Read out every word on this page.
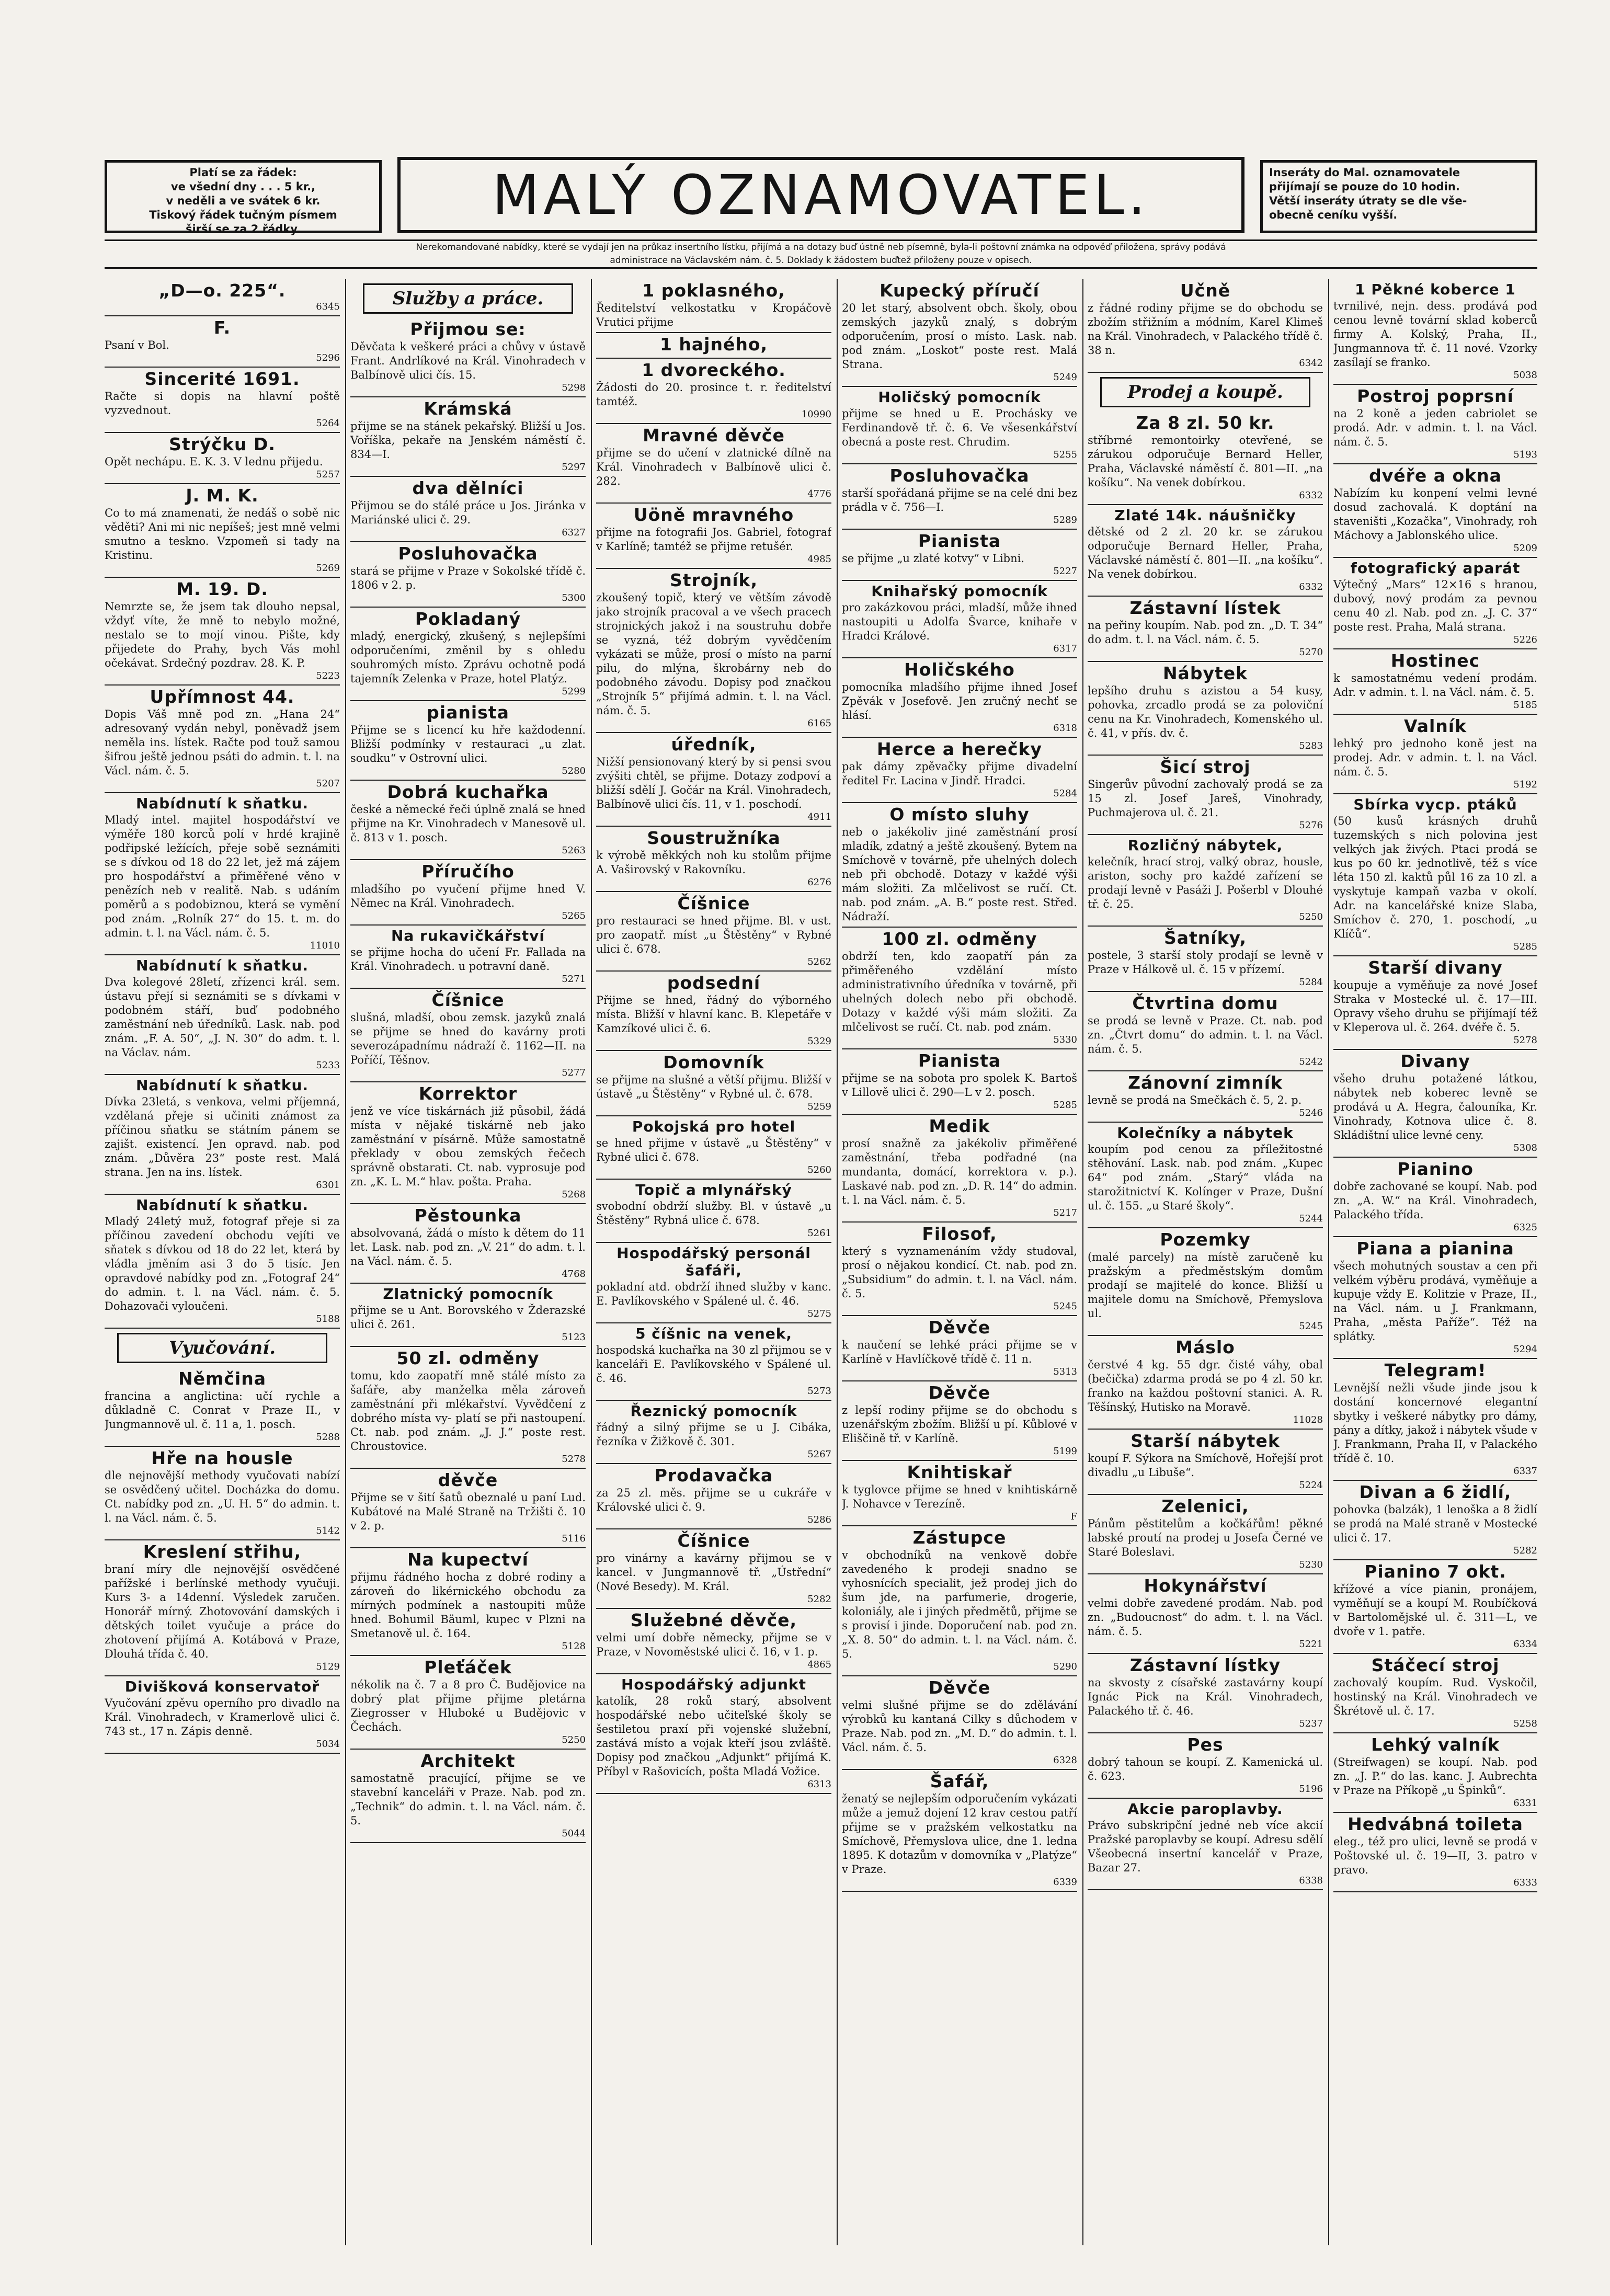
Platí se za řádek:
ve všední dny . . . 5 kr.,
v neděli a ve svátek 6 kr.
Tiskový řádek tučným písmem
širší se za 2 řádky.
MALÝ OZNAMOVATEL.	Inseráty do Mal. oznamovatele
přijímají se pouze do 10 hodin.
Větší inseráty útraty se dle vše-
obecně ceníku vyšší.
Nerekomandované nabídky, které se vydají jen na průkaz insertního lístku, přijímá a na dotazy buď ústně neb písemně, byla-li poštovní známka na odpověď přiložena, správy podává
administrace na Václavském nám. č. 5. Doklady k žádostem buďtež přiloženy pouze v opisech.
„D—o. 225“.
6345
F.

Psaní v Bol.

5296
Sincerité 1691.

Račte si dopis na hlavní poště vyzvednout.

5264
Strýčku D.

Opět nechápu. E. K. 3. V lednu přijedu.

5257
J. M. K.

Co to má znamenati, že nedáš o sobě nic věděti? Ani mi nic nepíšeš; jest mně velmi smutno a teskno. Vzpomeň si tady na Kristinu.

5269
M. 19. D.

Nemrzte se, že jsem tak dlouho nepsal, vždyť víte, že mně to nebylo možné, nestalo se to mojí vinou. Pište, kdy přijedete do Prahy, bych Vás mohl očekávat. Srdečný pozdrav. 28. K. P.

5223
Upřímnost 44.

Dopis Váš mně pod zn. „Hana 24“ adresovaný vydán nebyl, poněvadž jsem neměla ins. lístek. Račte pod touž samou šifrou ještě jednou psáti do admin. t. l. na Václ. nám. č. 5.

5207
Nabídnutí k sňatku.

Mladý intel. majitel hospodářství ve výměře 180 korců polí v hrdé krajině podřipské ležících, přeje sobě seznámiti se s dívkou od 18 do 22 let, jež má zájem pro hospodářství a přiměřené věno v penězích neb v realitě. Nab. s udáním poměrů a s podobiznou, která se vymění pod znám. „Rolník 27“ do 15. t. m. do admin. t. l. na Václ. nám. č. 5.

11010
Nabídnutí k sňatku.

Dva kolegové 28letí, zřízenci král. sem. ústavu přejí si seznámiti se s dívkami v podobném stáří, buď podobného zaměstnání neb úředníků. Lask. nab. pod znám. „F. A. 50“, „J. N. 30“ do adm. t. l. na Václav. nám.

5233
Nabídnutí k sňatku.

Dívka 23letá, s venkova, velmi příjemná, vzdělaná přeje si učiniti známost za příčinou sňatku se státním pánem se zajišt. existencí. Jen opravd. nab. pod znám. „Důvěra 23“ poste rest. Malá strana. Jen na ins. lístek.

6301
Nabídnutí k sňatku.

Mladý 24letý muž, fotograf přeje si za příčinou zavedení obchodu vejíti ve sňatek s dívkou od 18 do 22 let, která by vládla jměním asi 3 do 5 tisíc. Jen opravdové nabídky pod zn. „Fotograf 24“ do admin. t. l. na Václ. nám. č. 5. Dohazovači vyloučeni.

5188
Vyučování.
Němčina

francina a anglictina: učí rychle a důkladně C. Conrat v Praze II., v Jungmannově ul. č. 11 a, 1. posch.

5288
Hře na housle

dle nejnovější methody vyučovati nabízí se osvědčený učitel. Docházka do domu. Ct. nabídky pod zn. „U. H. 5“ do admin. t. l. na Václ. nám. č. 5.

5142
Kreslení střihu,

braní míry dle nejnovější osvědčené pařížské i berlínské methody vyučuji. Kurs 3- a 14denní. Výsledek zaručen. Honorář mírný. Zhotovování damských i dětských toilet vyučuje a práce do zhotovení přijímá A. Kotábová v Praze, Dlouhá třída č. 40.

5129
Divišková konservatoř

Vyučování zpěvu operního pro divadlo na Král. Vinohradech, v Kramerlově ulici č. 743 st., 17 n. Zápis denně.

5034
Služby a práce.
Přijmou se:

Děvčata k veškeré práci a chůvy v ústavě Frant. Andrlíkové na Král. Vinohradech v Balbínově ulici čís. 15.

5298
Krámská

přijme se na stánek pekařský. Bližší u Jos. Voříška, pekaře na Jenském náměstí č. 834—I.

5297
dva dělníci

Přijmou se do stálé práce u Jos. Jiránka v Mariánské ulici č. 29.

6327
Posluhovačka

stará se přijme v Praze v Sokolské třídě č. 1806 v 2. p.

5300
Pokladaný

mladý, energický, zkušený, s nejlepšími odporučeními, změnil by s ohledu souhromých místo. Zprávu ochotně podá tajemník Zelenka v Praze, hotel Platýz.

5299
pianista

Přijme se s licencí ku hře každodenní. Bližší podmínky v restauraci „u zlat. soudku“ v Ostrovní ulici.

5280
Dobrá kuchařka

české a německé řeči úplně znalá se hned přijme na Kr. Vinohradech v Manesově ul. č. 813 v 1. posch.

5263
Příručího

mladšího po vyučení přijme hned V. Němec na Král. Vinohradech.

5265
Na rukavičkářství

se přijme hocha do učení Fr. Fallada na Král. Vinohradech. u potravní daně.

5271
Číšnice

slušná, mladší, obou zemsk. jazyků znalá se přijme se hned do kavárny proti severozápadnímu nádraží č. 1162—II. na Poříčí, Těšnov.

5277
Korrektor

jenž ve více tiskárnách již působil, žádá místa v nějaké tiskárně neb jako zaměstnání v písárně. Může samostatně překlady v obou zemských řečech správně obstarati. Ct. nab. vyprosuje pod zn. „K. L. M.“ hlav. pošta. Praha.

5268
Pěstounka

absolvovaná, žádá o místo k dětem do 11 let. Lask. nab. pod zn. „V. 21“ do adm. t. l. na Václ. nám. č. 5.

4768
Zlatnický pomocník

přijme se u Ant. Borovského v Žderazské ulici č. 261.

5123
50 zl. odměny

tomu, kdo zaopatří mně stálé místo za šafáře, aby manželka měla zároveň zaměstnání při mlékařství. Vyvědčení z dobrého místa vy- platí se při nastoupení. Ct. nab. pod znám. „J. J.“ poste rest. Chroustovice.

5278
děvče

Přijme se v šití šatů obeznalé u paní Lud. Kubátové na Malé Straně na Tržišti č. 10 v 2. p.

5116
Na kupectví

přijmu řádného hocha z dobré rodiny a zároveň do likérnického obchodu za mírných podmínek a nastoupiti může hned. Bohumil Bäuml, kupec v Plzni na Smetanově ul. č. 164.

5128
Pleťáček

nékolik na č. 7 a 8 pro Č. Budějovice na dobrý plat přijme přijme pletárna Ziegrosser v Hluboké u Budějovic v Čechách.

5250
Architekt

samostatně pracující, přijme se ve stavební kanceláři v Praze. Nab. pod zn. „Technik“ do admin. t. l. na Václ. nám. č. 5.

5044
1 poklasného,

Ředitelství velkostatku v Kropáčově Vrutici přijme

1 hajného,
1 dvoreckého.

Žádosti do 20. prosince t. r. ředitelství tamtéž.

10990
Mravné děvče

přijme se do učení v zlatnické dílně na Král. Vinohradech v Balbínově ulici č. 282.

4776
Uöně mravného

přijme na fotografii Jos. Gabriel, fotograf v Karlíně; tamtéž se přijme retušér.

4985
Strojník,

zkoušený topič, který ve větším závodě jako strojník pracoval a ve všech pracech strojnických jakož i na soustruhu dobře se vyzná, též dobrým vyvědčením vykázati se může, prosí o místo na parní pilu, do mlýna, škrobárny neb do podobného závodu. Dopisy pod značkou „Strojník 5“ přijímá admin. t. l. na Václ. nám. č. 5.

6165
úředník,

Nižší pensionovaný který by si pensi svou zvýšiti chtěl, se přijme. Dotazy zodpoví a bližší sdělí J. Gočár na Král. Vinohradech, Balbínově ulici čís. 11, v 1. poschodí.

4911
Soustružníka

k výrobě měkkých noh ku stolům přijme A. Vaširovský v Rakovníku.

6276
Číšnice

pro restauraci se hned přijme. Bl. v ust. pro zaopatř. míst „u Štěstěny“ v Rybné ulici č. 678.

5262
podsední

Přijme se hned, řádný do výborného místa. Bližší v hlavní kanc. B. Klepetáře v Kamzíkové ulici č. 6.

5329
Domovník

se přijme na slušné a větší přijmu. Bližší v ústavě „u Štěstěny“ v Rybné ul. č. 678.

5259
Pokojská pro hotel

se hned přijme v ústavě „u Štěstěny“ v Rybné ulici č. 678.

5260
Topič a mlynářský

svobodní obdrží služby. Bl. v ústavě „u Štěstěny“ Rybná ulice č. 678.

5261
Hospodářský personál šafáři,

pokladní atd. obdrží ihned služby v kanc. E. Pavlíkovského v Spálené ul. č. 46.

5275
5 číšnic na venek,

hospodská kuchařka na 30 zl přijmou se v kanceláři E. Pavlíkovského v Spálené ul. č. 46.

5273
Řeznický pomocník

řádný a silný přijme se u J. Cibáka, řezníka v Žižkově č. 301.

5267
Prodavačka

za 25 zl. měs. přijme se u cukráře v Královské ulici č. 9.

5286
Číšnice

pro vinárny a kavárny přijmou se v kancel. v Jungmannově tř. „Ústřední“ (Nové Besedy). M. Král.

5282
Služebné děvče,

velmi umí dobře německy, přijme se v Praze, v Novoměstské ulici č. 16, v 1. p.

4865
Hospodářský adjunkt

katolík, 28 roků starý, absolvent hospodářské nebo učiteľské školy se šestiletou praxí při vojenské služební, zastává místo a vojak kteří jsou zvláště. Dopisy pod značkou „Adjunkt“ přijímá K. Příbyl v Rašovicích, pošta Mladá Vožice.

6313
Kupecký příručí

20 let starý, absolvent obch. školy, obou zemských jazyků znalý, s dobrým odporučením, prosí o místo. Lask. nab. pod znám. „Loskot“ poste rest. Malá Strana.

5249
Holičský pomocník

přijme se hned u E. Prochásky ve Ferdinandově tř. č. 6. Ve všesenkářství obecná a poste rest. Chrudim.

5255
Posluhovačka

starší spořádaná přijme se na celé dni bez prádla v č. 756—I.

5289
Pianista

se přijme „u zlaté kotvy“ v Libni.

5227
Knihařský pomocník

pro zakázkovou práci, mladší, může ihned nastoupiti u Adolfa Švarce, knihaře v Hradci Králové.

6317
Holičského

pomocníka mladšího přijme ihned Josef Zpěvák v Josefově. Jen zručný nechť se hlásí.

6318
Herce a herečky

pak dámy zpěvačky přijme divadelní ředitel Fr. Lacina v Jindř. Hradci.

5284
O místo sluhy

neb o jakékoliv jiné zaměstnání prosí mladík, zdatný a ještě zkoušený. Bytem na Smíchově v továrně, pře uhelných dolech neb při obchodě. Dotazy v každé výši mám složiti. Za mlčelivost se ručí. Ct. nab. pod znám. „A. B.“ poste rest. Střed. Nádraží.

100 zl. odměny

obdrží ten, kdo zaopatří pán za přiměřeného vzdělání místo administrativního úředníka v továrně, při uhelných dolech nebo při obchodě. Dotazy v každé výši mám složiti. Za mlčelivost se ručí. Ct. nab. pod znám.

5330
Pianista

přijme se na sobota pro spolek K. Bartoš v Lillově ulici č. 290—L v 2. posch.

5285
Medik

prosí snažně za jakékoliv přiměřené zaměstnání, třeba podřadné (na mundanta, domácí, korrektora v. p.). Laskavé nab. pod zn. „D. R. 14“ do admin. t. l. na Václ. nám. č. 5.

5217
Filosof,

který s vyznamenáním vždy studoval, prosí o nějakou kondicí. Ct. nab. pod zn. „Subsidium“ do admin. t. l. na Václ. nám. č. 5.

5245
Děvče

k naučení se lehké práci přijme se v Karlíně v Havlíčkově třídě č. 11 n.

5313
Děvče

z lepší rodiny přijme se do obchodu s uzenářským zbožím. Bližší u pí. Kůblové v Eliščině tř. v Karlíně.

5199
Knihtiskař

k tyglovce přijme se hned v knihtiskárně J. Nohavce v Terezíně.

F
Zástupce

v obchodníků na venkově dobře zavedeného k prodeji snadno se vyhosnících specialit, jež prodej jich do šum jde, na parfumerie, drogerie, koloniály, ale i jiných předmětů, přijme se s provisí i jinde. Doporučení nab. pod zn. „X. 8. 50“ do admin. t. l. na Václ. nám. č. 5.

5290
Děvče

velmi slušné přijme se do zdělávání výrobků ku kantaná Cilky s důchodem v Praze. Nab. pod zn. „M. D.“ do admin. t. l. Václ. nám. č. 5.

6328
Šafář,

ženatý se nejlepším odporučením vykázati může a jemuž dojení 12 krav cestou patří přijme se v pražském velkostatku na Smíchově, Přemyslova ulice, dne 1. ledna 1895. K dotazům v domovníka v „Platýze“ v Praze.

6339
Učně

z řádné rodiny přijme se do obchodu se zbožím střižním a módním, Karel Klimeš na Král. Vinohradech, v Palackého třídě č. 38 n.

6342
Prodej a koupě.
Za 8 zl. 50 kr.

stříbrné remontoirky otevřené, se zárukou odporučuje Bernard Heller, Praha, Václavské náměstí č. 801—II. „na košíku“. Na venek dobírkou.

6332
Zlaté 14k. náušničky

dětské od 2 zl. 20 kr. se zárukou odporučuje Bernard Heller, Praha, Václavské náměstí č. 801—II. „na košíku“. Na venek dobírkou.

6332
Zástavní lístek

na peřiny koupím. Nab. pod zn. „D. T. 34“ do adm. t. l. na Václ. nám. č. 5.

5270
Nábytek

lepšího druhu s azistou a 54 kusy, pohovka, zrcadlo prodá se za poloviční cenu na Kr. Vinohradech, Komenského ul. č. 41, v přís. dv. č.

5283
Šicí stroj

Singerův původní zachovalý prodá se za 15 zl. Josef Jareš, Vinohrady, Puchmajerova ul. č. 21.

5276
Rozličný nábytek,

kelečník, hrací stroj, valký obraz, housle, ariston, sochy pro každé zařízení se prodají levně v Pasáži J. Pošerbl v Dlouhé tř. č. 25.

5250
Šatníky,

postele, 3 starší stoly prodají se levně v Praze v Hálkově ul. č. 15 v přízemí.

5284
Čtvrtina domu

se prodá se levně v Praze. Ct. nab. pod zn. „Čtvrt domu“ do admin. t. l. na Václ. nám. č. 5.

5242
Zánovní zimník

levně se prodá na Smečkách č. 5, 2. p.

5246
Kolečníky a nábytek

koupím pod cenou za příležitostné stěhování. Lask. nab. pod znám. „Kupec 64“ pod znám. „Starý“ vláda na starožitnictví K. Kolínger v Praze, Dušní ul. č. 155. „u Staré školy“.

5244
Pozemky

(malé parcely) na místě zaručeně ku pražským a předměstským domům prodají se majitelé do konce. Bližší u majitele domu na Smíchově, Přemyslova ul.

5245
Máslo

čerstvé 4 kg. 55 dgr. čisté váhy, obal (bečička) zdarma prodá se po 4 zl. 50 kr. franko na každou poštovní stanici. A. R. Těšínský, Hutisko na Moravě.

11028
Starší nábytek

koupí F. Sýkora na Smíchově, Hořejší prot divadlu „u Libuše“.

5224
Zelenici,

Pánům pěstitelům a kočkářům! pěkné labské proutí na prodej u Josefa Černé ve Staré Boleslavi.

5230
Hokynářství

velmi dobře zavedené prodám. Nab. pod zn. „Budoucnost“ do adm. t. l. na Václ. nám. č. 5.

5221
Zástavní lístky

na skvosty z císařské zastavárny koupí Ignác Pick na Král. Vinohradech, Palackého tř. č. 46.

5237
Pes

dobrý tahoun se koupí. Z. Kamenická ul. č. 623.

5196
Akcie paroplavby.

Právo subskripční jedné neb více akcií Pražské paroplavby se koupí. Adresu sdělí Všeobecná insertní kancelář v Praze, Bazar 27.

6338
1 Pěkné koberce 1

tvrnilivé, nejn. dess. prodává pod cenou levně tovární sklad koberců firmy A. Kolský, Praha, II., Jungmannova tř. č. 11 nové. Vzorky zasílají se franko.

5038
Postroj poprsní

na 2 koně a jeden cabriolet se prodá. Adr. v admin. t. l. na Václ. nám. č. 5.

5193
dvéře a okna

Nabízím ku konpení velmi levné dosud zachovalá. K doptání na staveništi „Kozačka“, Vinohrady, roh Máchovy a Jablonského ulice.

5209
fotografický aparát

Výtečný „Mars“ 12×16 s hranou, dubový, nový prodám za pevnou cenu 40 zl. Nab. pod zn. „J. C. 37“ poste rest. Praha, Malá strana.

5226
Hostinec

k samostatnému vedení prodám. Adr. v admin. t. l. na Václ. nám. č. 5.

5185
Valník

lehký pro jednoho koně jest na prodej. Adr. v admin. t. l. na Václ. nám. č. 5.

5192
Sbírka vycp. ptáků

(50 kusů krásných druhů tuzemských s nich polovina jest velkých jak živých. Ptaci prodá se kus po 60 kr. jednotlivě, též s více léta 150 zl. kaktů půl 16 za 10 zl. a vyskytuje kampaň vazba v okolí. Adr. na kancelářské knize Slaba, Smíchov č. 270, 1. poschodí, „u Klíčů“.

5285
Starší divany

koupuje a vyměňuje za nové Josef Straka v Mostecké ul. č. 17—III. Opravy všeho druhu se přijímají též v Kleperova ul. č. 264. dvéře č. 5.

5278
Divany

všeho druhu potažené látkou, nábytek neb koberec levně se prodává u A. Hegra, čalouníka, Kr. Vinohrady, Kotnova ulice č. 8. Skládištní ulice levné ceny.

5308
Pianino

dobře zachované se koupí. Nab. pod zn. „A. W.“ na Král. Vinohradech, Palackého třída.

6325
Piana a pianina

všech mohutných soustav a cen při velkém výběru prodává, vyměňuje a kupuje vždy E. Kolitzie v Praze, II., na Václ. nám. u J. Frankmann, Praha, „města Paříže“. Též na splátky.

5294
Telegram!

Levnější nežli všude jinde jsou k dostání koncernové elegantní sbytky i veškeré nábytky pro dámy, pány a dítky, jakož i nábytek všude v J. Frankmann, Praha II, v Palackého třídě č. 10.

6337
Divan a 6 židlí,

pohovka (balzák), 1 lenoška a 8 židlí se prodá na Malé straně v Mostecké ulici č. 17.

5282
Pianino 7 okt.

křížové a více pianin, pronájem, vyměňují se a koupí M. Roubíčková v Bartolomějské ul. č. 311—L, ve dvoře v 1. patře.

6334
Stáčecí stroj

zachovalý koupím. Rud. Vyskočil, hostinský na Král. Vinohradech ve Škrétově ul. č. 17.

5258
Lehký valník

(Streifwagen) se koupí. Nab. pod zn. „J. P.“ do las. kanc. J. Aubrechta v Praze na Příkopě „u Špinků“.

6331
Hedvábná toileta

eleg., též pro ulici, levně se prodá v Poštovské ul. č. 19—II, 3. patro v pravo.

6333
